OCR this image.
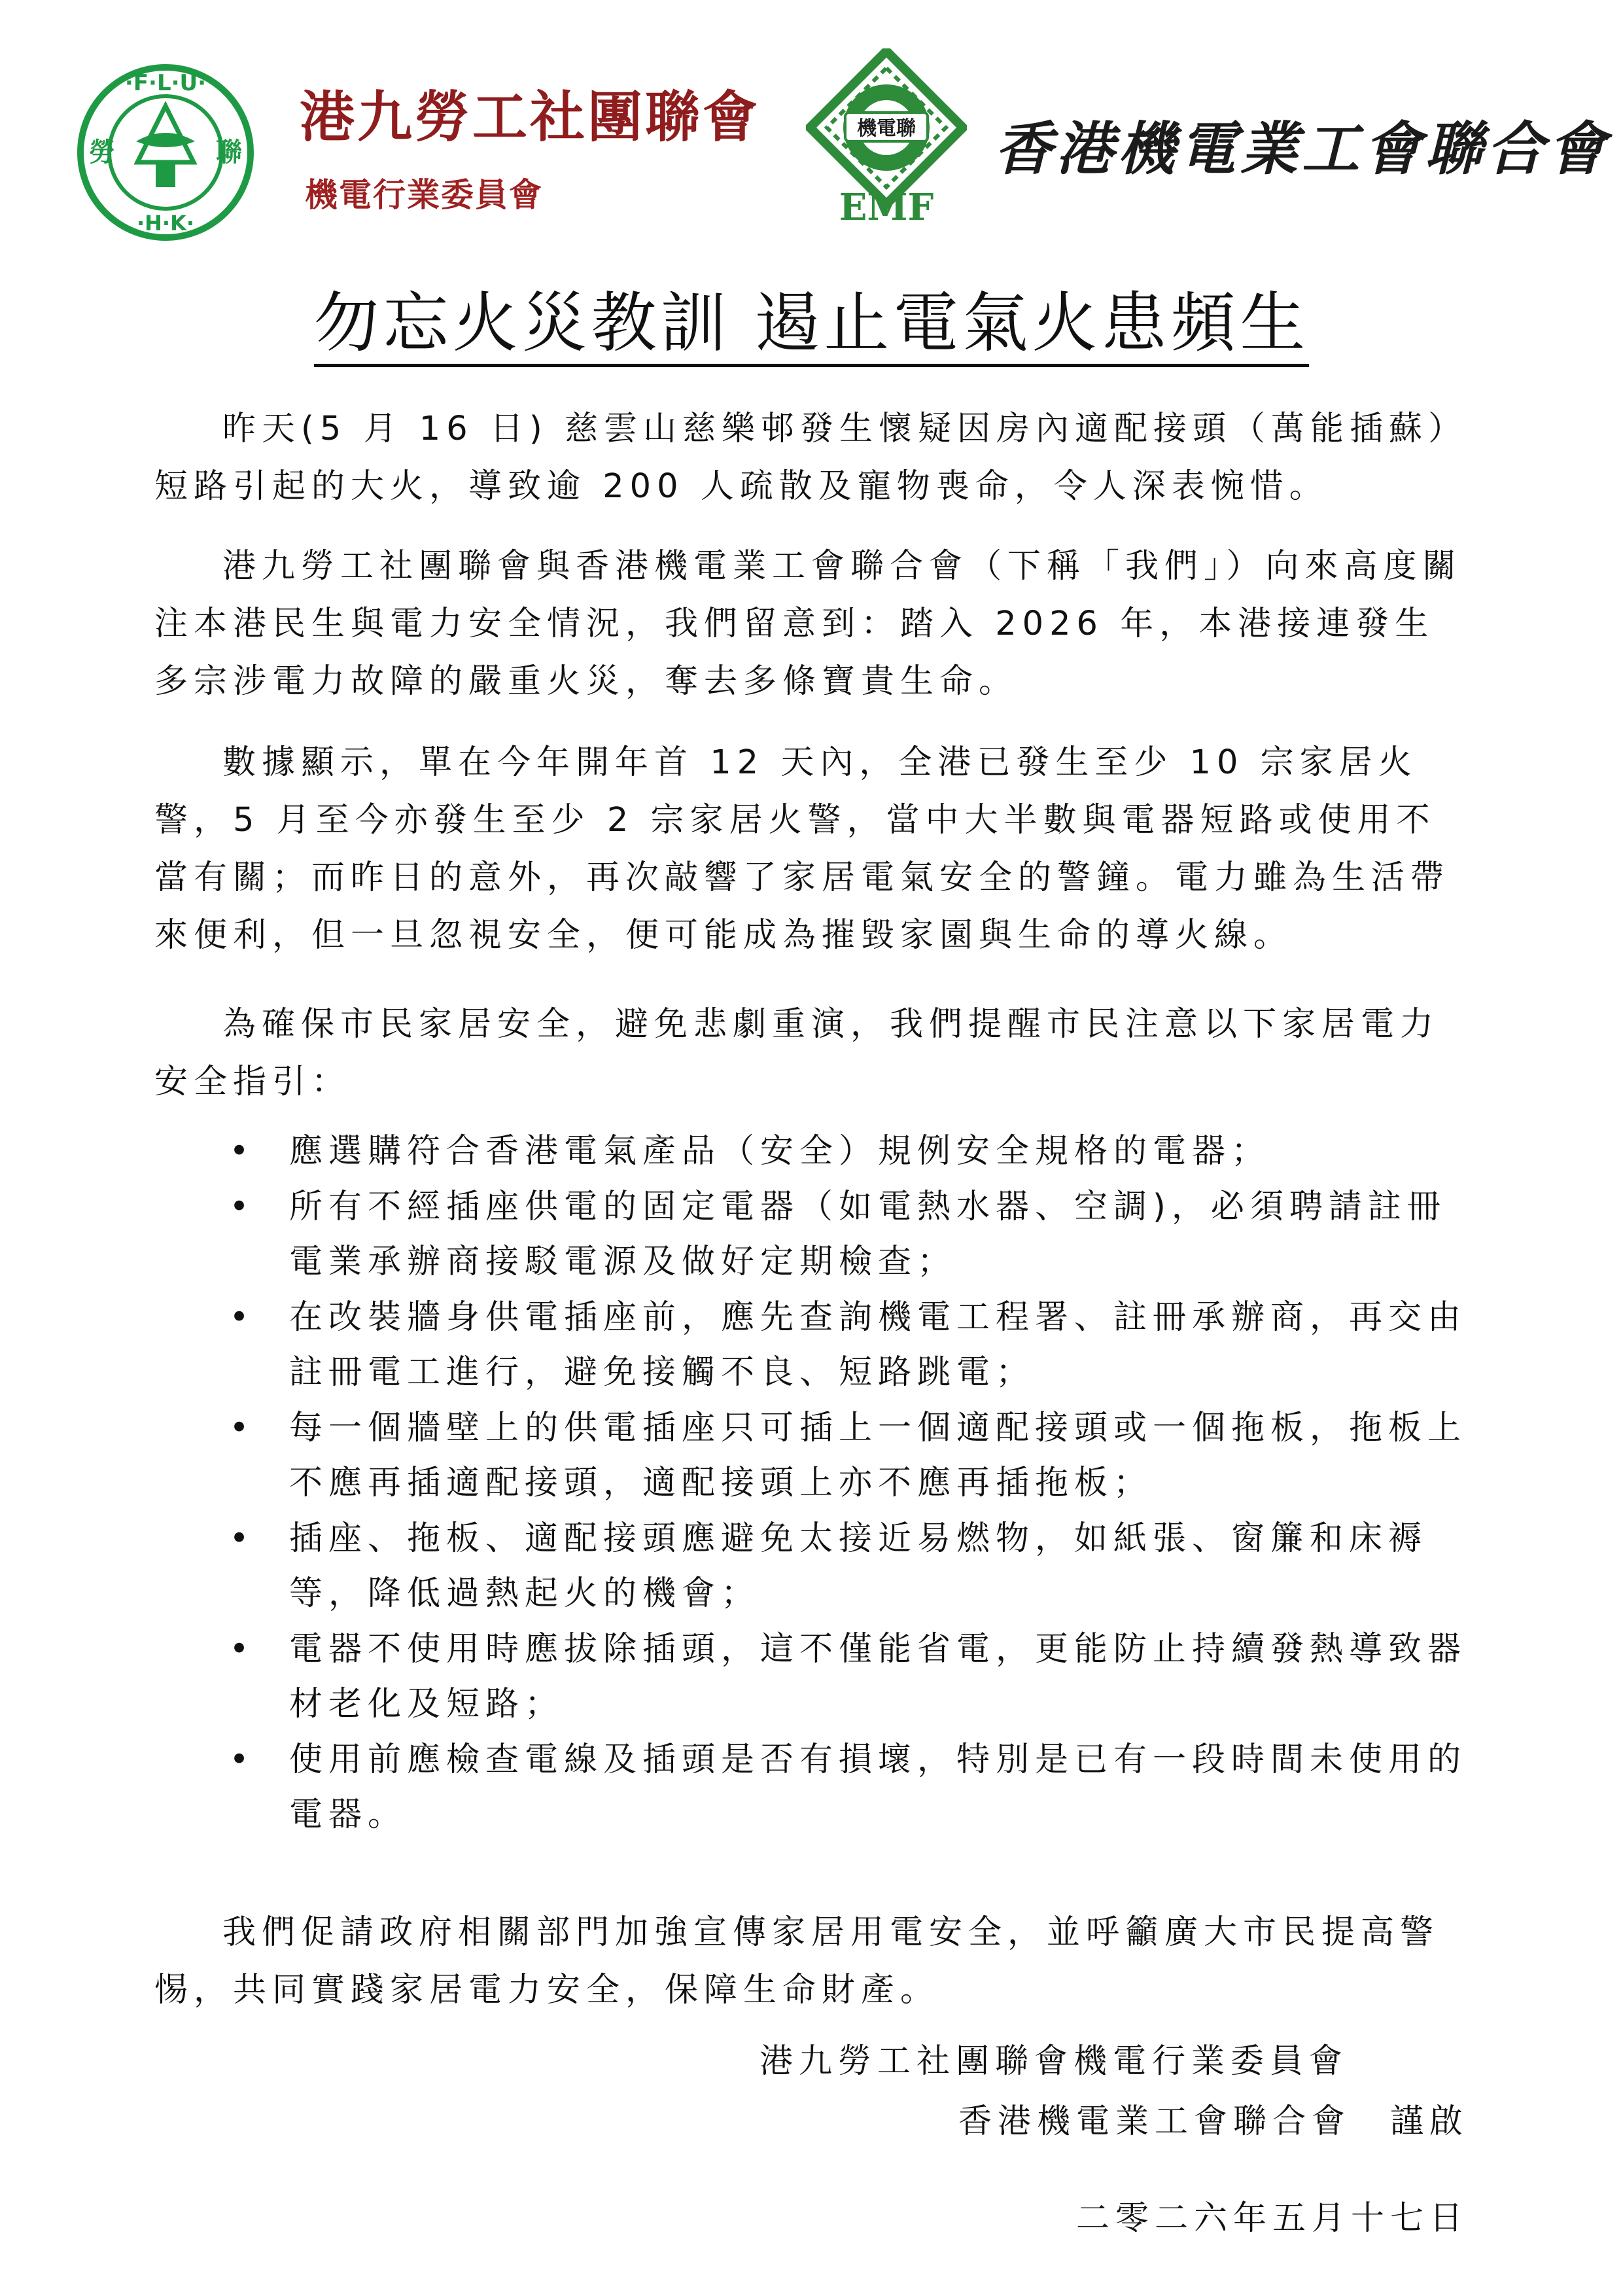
·F·L·U·
·H·K·
勞	聯
港九勞工社團聯會
機電行業委員會
機電聯
EMF
香港機電業工會聯合會
勿忘火災教訓 遏止電氣火患頻生

昨天(5 月 16 日) 慈雲山慈樂邨發生懷疑因房內適配接頭（萬能插蘇）短路引起的大火，導致逾 200 人疏散及寵物喪命，令人深表惋惜。

港九勞工社團聯會與香港機電業工會聯合會（下稱「我們」）向來高度關注本港民生與電力安全情況，我們留意到：踏入 2026 年，本港接連發生多宗涉電力故障的嚴重火災，奪去多條寶貴生命。

數據顯示，單在今年開年首 12 天內，全港已發生至少 10 宗家居火警，5 月至今亦發生至少 2 宗家居火警，當中大半數與電器短路或使用不當有關；而昨日的意外，再次敲響了家居電氣安全的警鐘。電力雖為生活帶來便利，但一旦忽視安全，便可能成為摧毀家園與生命的導火線。

為確保市民家居安全，避免悲劇重演，我們提醒市民注意以下家居電力安全指引：

• 應選購符合香港電氣產品（安全）規例安全規格的電器；
• 所有不經插座供電的固定電器（如電熱水器、空調)，必須聘請註冊電業承辦商接駁電源及做好定期檢查；
• 在改裝牆身供電插座前，應先查詢機電工程署、註冊承辦商，再交由註冊電工進行，避免接觸不良、短路跳電；
• 每一個牆壁上的供電插座只可插上一個適配接頭或一個拖板，拖板上不應再插適配接頭，適配接頭上亦不應再插拖板；
• 插座、拖板、適配接頭應避免太接近易燃物，如紙張、窗簾和床褥等，降低過熱起火的機會；
• 電器不使用時應拔除插頭，這不僅能省電，更能防止持續發熱導致器材老化及短路；
• 使用前應檢查電線及插頭是否有損壞，特別是已有一段時間未使用的電器。

我們促請政府相關部門加強宣傳家居用電安全，並呼籲廣大市民提高警惕，共同實踐家居電力安全，保障生命財產。

港九勞工社團聯會機電行業委員會
香港機電業工會聯合會　謹啟
二零二六年五月十七日
